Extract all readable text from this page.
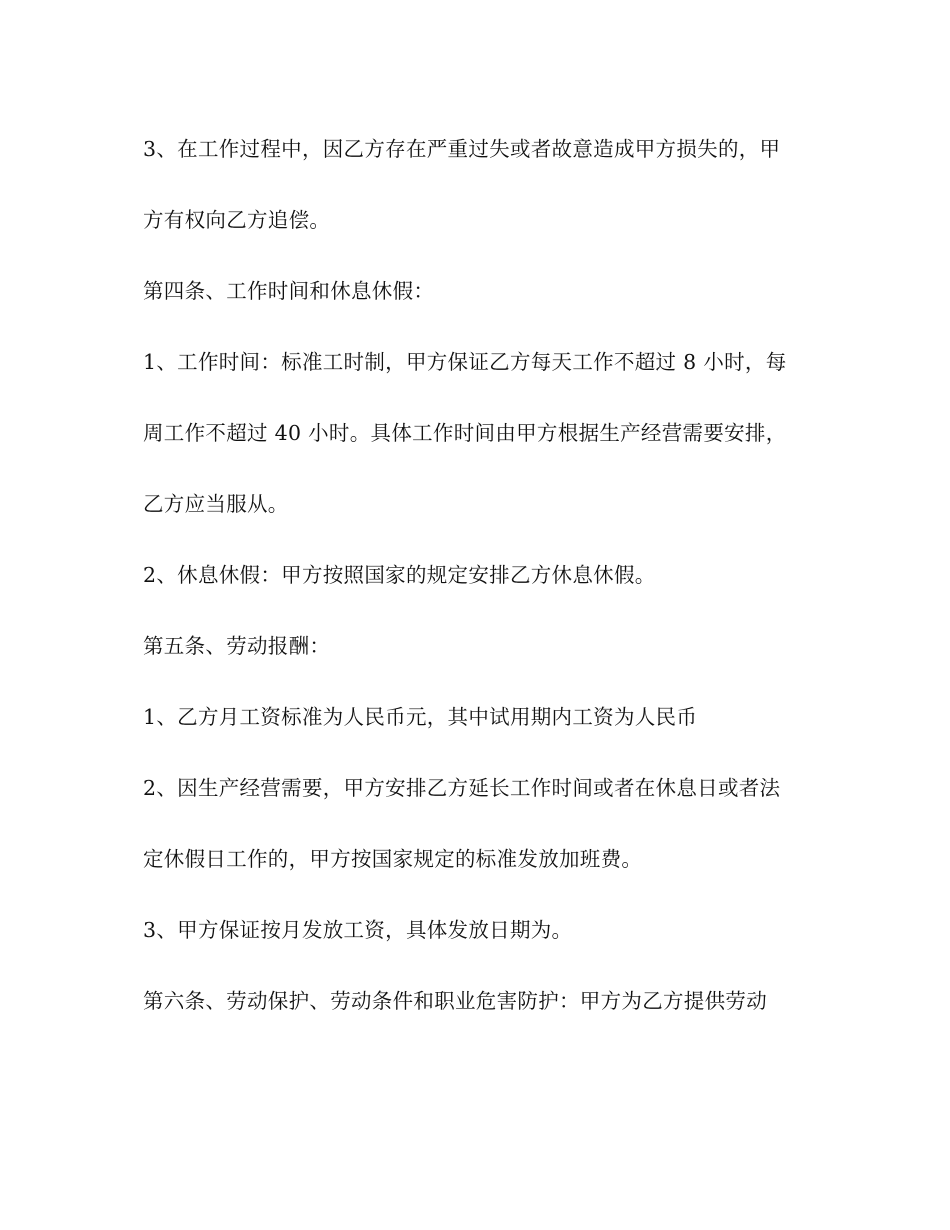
3、在工作过程中，因乙方存在严重过失或者故意造成甲方损失的，甲

方有权向乙方追偿。

第四条、工作时间和休息休假：

1、工作时间：标准工时制，甲方保证乙方每天工作不超过 8 小时，每

周工作不超过 40 小时。具体工作时间由甲方根据生产经营需要安排，

乙方应当服从。

2、休息休假：甲方按照国家的规定安排乙方休息休假。

第五条、劳动报酬：

1、乙方月工资标准为人民币元，其中试用期内工资为人民币

2、因生产经营需要，甲方安排乙方延长工作时间或者在休息日或者法

定休假日工作的，甲方按国家规定的标准发放加班费。

3、甲方保证按月发放工资，具体发放日期为。

第六条、劳动保护、劳动条件和职业危害防护：甲方为乙方提供劳动
